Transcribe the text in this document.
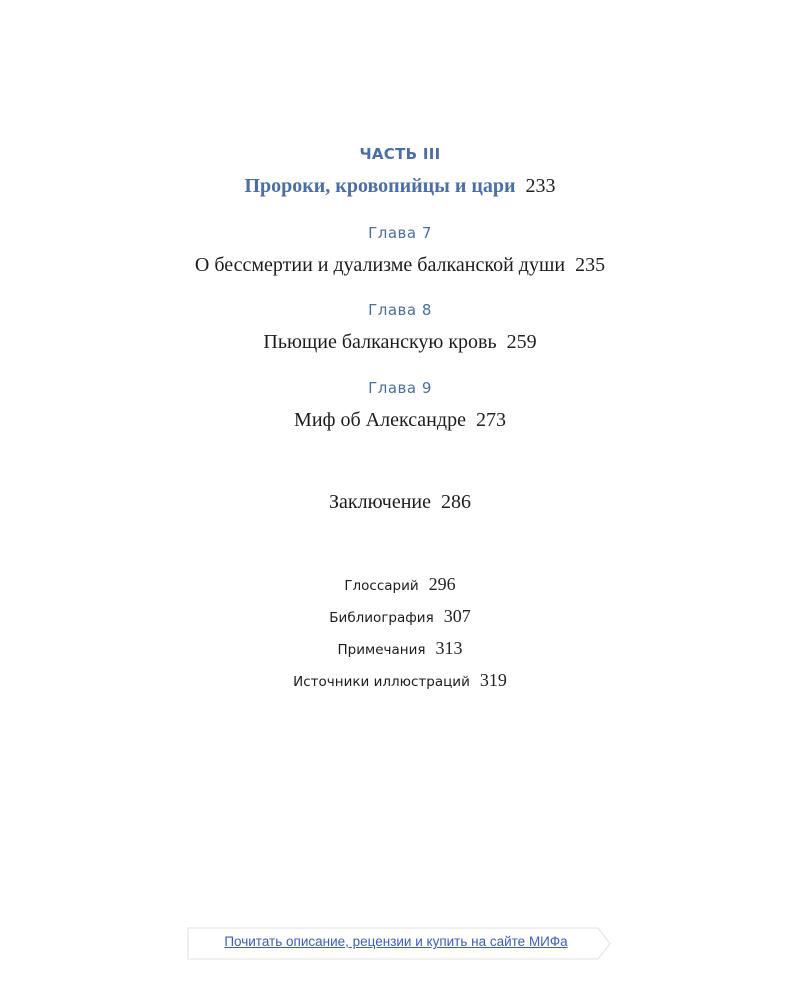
ЧАСТЬ III
Пророки, кровопийцы и цари 233
Глава 7
О бессмертии и дуализме балканской души 235
Глава 8
Пьющие балканскую кровь 259
Глава 9
Миф об Александре 273
Заключение 286
Глоссарий 296
Библиография 307
Примечания 313
Источники иллюстраций 319
Почитать описание, рецензии и купить на сайте МИФа
